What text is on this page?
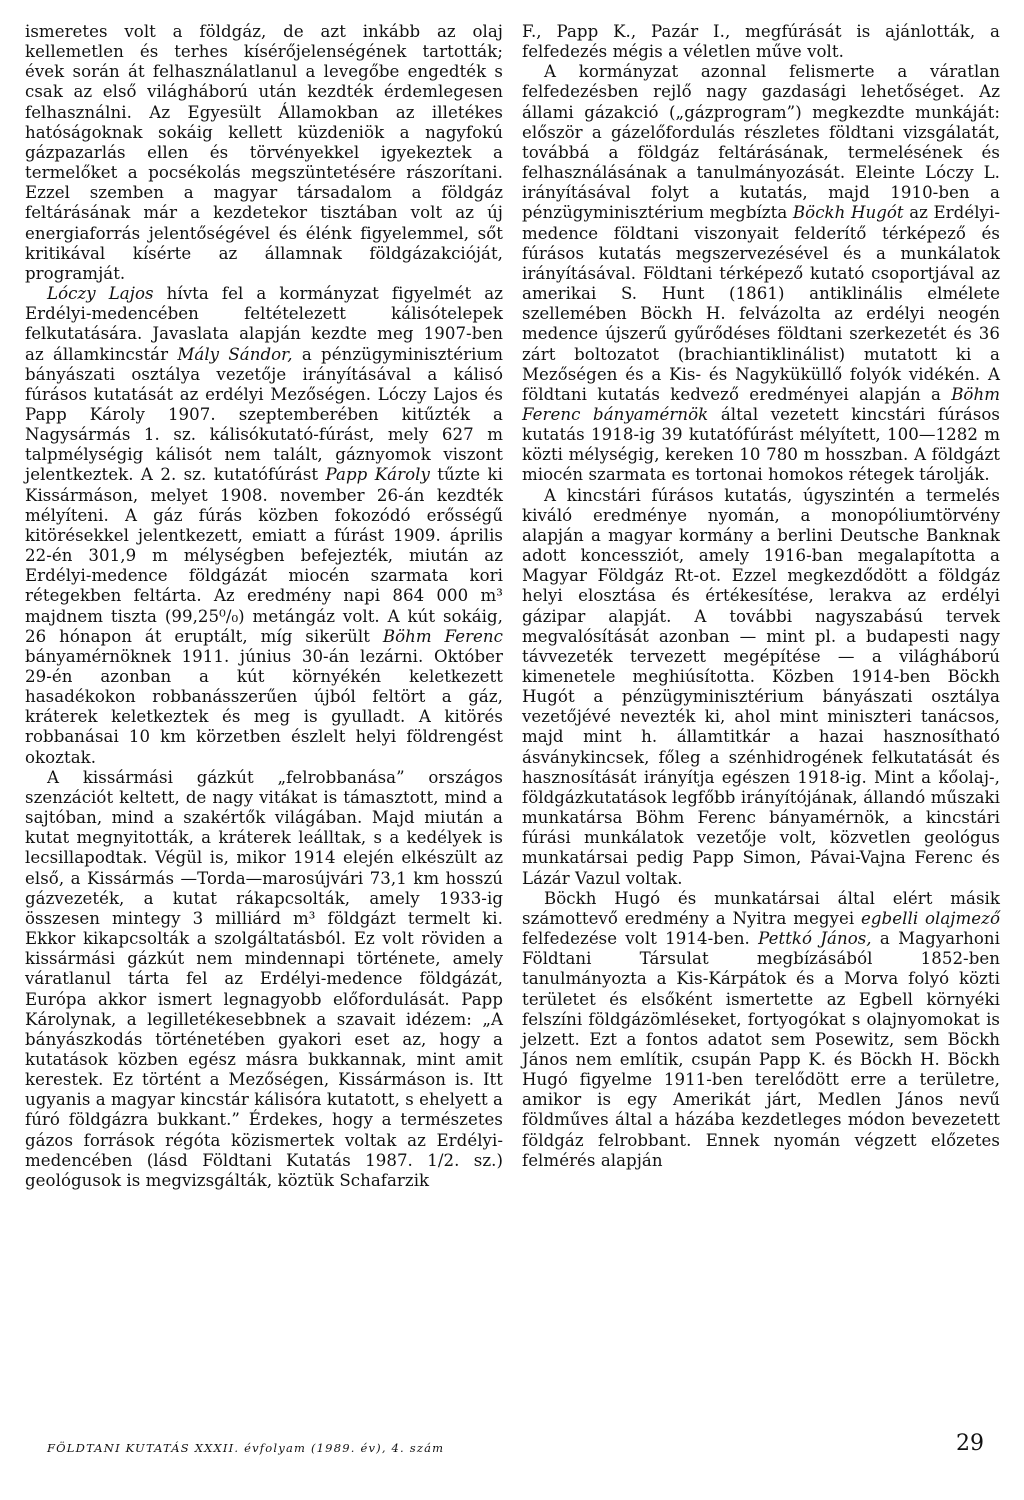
ismeretes volt a földgáz, de azt inkább az olaj kellemetlen és terhes kísérőjelenségének tartották; évek során át felhasználatlanul a levegőbe engedték s csak az első világháború után kezdték érdemlegesen felhasználni. Az Egyesült Államokban az illetékes hatóságoknak sokáig kellett küzdeniök a nagyfokú gázpazarlás ellen és törvényekkel igyekeztek a termelőket a pocsékolás megszüntetésére rászorítani. Ezzel szemben a magyar társadalom a földgáz feltárásának már a kezdetekor tisztában volt az új energiaforrás jelentőségével és élénk figyelemmel, sőt kritikával kísérte az államnak földgázakcióját, programját.

Lóczy Lajos hívta fel a kormányzat figyelmét az Erdélyi-medencében feltételezett kálisótelepek felkutatására. Javaslata alapján kezdte meg 1907-ben az államkincstár Mály Sándor, a pénzügyminisztérium bányászati osztálya vezetője irányításával a kálisó fúrásos kutatását az erdélyi Mezőségen. Lóczy Lajos és Papp Károly 1907. szeptemberében kitűzték a Nagysármás 1. sz. kálisókutató-fúrást, mely 627 m talpmélységig kálisót nem talált, gáznyomok viszont jelentkeztek. A 2. sz. kutatófúrást Papp Károly tűzte ki Kissármáson, melyet 1908. november 26-án kezdték mélyíteni. A gáz fúrás közben fokozódó erősségű kitörésekkel jelentkezett, emiatt a fúrást 1909. április 22-én 301,9 m mélységben befejezték, miután az Erdélyi-medence földgázát miocén szarmata kori rétegekben feltárta. Az eredmény napi 864 000 m³ majdnem tiszta (99,25⁰/₀) metángáz volt. A kút sokáig, 26 hónapon át eruptált, míg sikerült Böhm Ferenc bányamérnöknek 1911. június 30-án lezárni. Október 29-én azonban a kút környékén keletkezett hasadékokon robbanásszerűen újból feltört a gáz, kráterek keletkeztek és meg is gyulladt. A kitörés robbanásai 10 km körzetben észlelt helyi földrengést okoztak.

A kissármási gázkút „felrobbanása” országos szenzációt keltett, de nagy vitákat is támasztott, mind a sajtóban, mind a szakértők világában. Majd miután a kutat megnyitották, a kráterek leálltak, s a kedélyek is lecsillapodtak. Végül is, mikor 1914 elején elkészült az első, a Kissármás —Torda—marosújvári 73,1 km hosszú gázvezeték, a kutat rákapcsolták, amely 1933-ig összesen mintegy 3 milliárd m³ földgázt termelt ki. Ekkor kikapcsolták a szolgáltatásból. Ez volt röviden a kissármási gázkút nem mindennapi története, amely váratlanul tárta fel az Erdélyi-medence földgázát, Európa akkor ismert legnagyobb előfordulását. Papp Károlynak, a legilletékesebbnek a szavait idézem: „A bányászkodás történetében gyakori eset az, hogy a kutatások közben egész másra bukkannak, mint amit kerestek. Ez történt a Mezőségen, Kissármáson is. Itt ugyanis a magyar kincstár kálisóra kutatott, s ehelyett a fúró földgázra bukkant.” Érdekes, hogy a természetes gázos források régóta közismertek voltak az Erdélyi-medencében (lásd Földtani Kutatás 1987. 1/2. sz.) geológusok is megvizsgálták, köztük Schafarzik

F., Papp K., Pazár I., megfúrását is ajánlották, a felfedezés mégis a véletlen műve volt.

A kormányzat azonnal felismerte a váratlan felfedezésben rejlő nagy gazdasági lehetőséget. Az állami gázakció („gázprogram”) megkezdte munkáját: először a gázelőfordulás részletes földtani vizsgálatát, továbbá a földgáz feltárásának, termelésének és felhasználásának a tanulmányozását. Eleinte Lóczy L. irányításával folyt a kutatás, majd 1910-ben a pénzügyminisztérium megbízta Böckh Hugót az Erdélyi-medence földtani viszonyait felderítő térképező és fúrásos kutatás megszervezésével és a munkálatok irányításával. Földtani térképező kutató csoportjával az amerikai S. Hunt (1861) antiklinális elmélete szellemében Böckh H. felvázolta az erdélyi neogén medence újszerű gyűrődéses földtani szerkezetét és 36 zárt boltozatot (brachiantiklinálist) mutatott ki a Mezőségen és a Kis- és Nagyküküllő folyók vidékén. A földtani kutatás kedvező eredményei alapján a Böhm Ferenc bányamérnök által vezetett kincstári fúrásos kutatás 1918-ig 39 kutatófúrást mélyített, 100—1282 m közti mélységig, kereken 10 780 m hosszban. A földgázt miocén szarmata es tortonai homokos rétegek tárolják.

A kincstári fúrásos kutatás, úgyszintén a termelés kiváló eredménye nyomán, a monopóliumtörvény alapján a magyar kormány a berlini Deutsche Banknak adott koncessziót, amely 1916-ban megalapította a Magyar Földgáz Rt-ot. Ezzel megkezdődött a földgáz helyi elosztása és értékesítése, lerakva az erdélyi gázipar alapját. A további nagyszabású tervek megvalósítását azonban — mint pl. a budapesti nagy távvezeték tervezett megépítése — a világháború kimenetele meghiúsította. Közben 1914-ben Böckh Hugót a pénzügyminisztérium bányászati osztálya vezetőjévé nevezték ki, ahol mint miniszteri tanácsos, majd mint h. államtitkár a hazai hasznosítható ásványkincsek, főleg a szénhidrogének felkutatását és hasznosítását irányítja egészen 1918-ig. Mint a kőolaj-, földgázkutatások legfőbb irányítójának, állandó műszaki munkatársa Böhm Ferenc bányamérnök, a kincstári fúrási munkálatok vezetője volt, közvetlen geológus munkatársai pedig Papp Simon, Pávai-Vajna Ferenc és Lázár Vazul voltak.

Böckh Hugó és munkatársai által elért másik számottevő eredmény a Nyitra megyei egbelli olajmező felfedezése volt 1914-ben. Pettkó János, a Magyarhoni Földtani Társulat megbízásából 1852-ben tanulmányozta a Kis-Kárpátok és a Morva folyó közti területet és elsőként ismertette az Egbell környéki felszíni földgázömléseket, fortyogókat s olajnyomokat is jelzett. Ezt a fontos adatot sem Posewitz, sem Böckh János nem említik, csupán Papp K. és Böckh H. Böckh Hugó figyelme 1911-ben terelődött erre a területre, amikor is egy Amerikát járt, Medlen János nevű földműves által a házába kezdetleges módon bevezetett földgáz felrobbant. Ennek nyomán végzett előzetes felmérés alapján

FÖLDTANI KUTATÁS XXXII. évfolyam (1989. év), 4. szám	29
